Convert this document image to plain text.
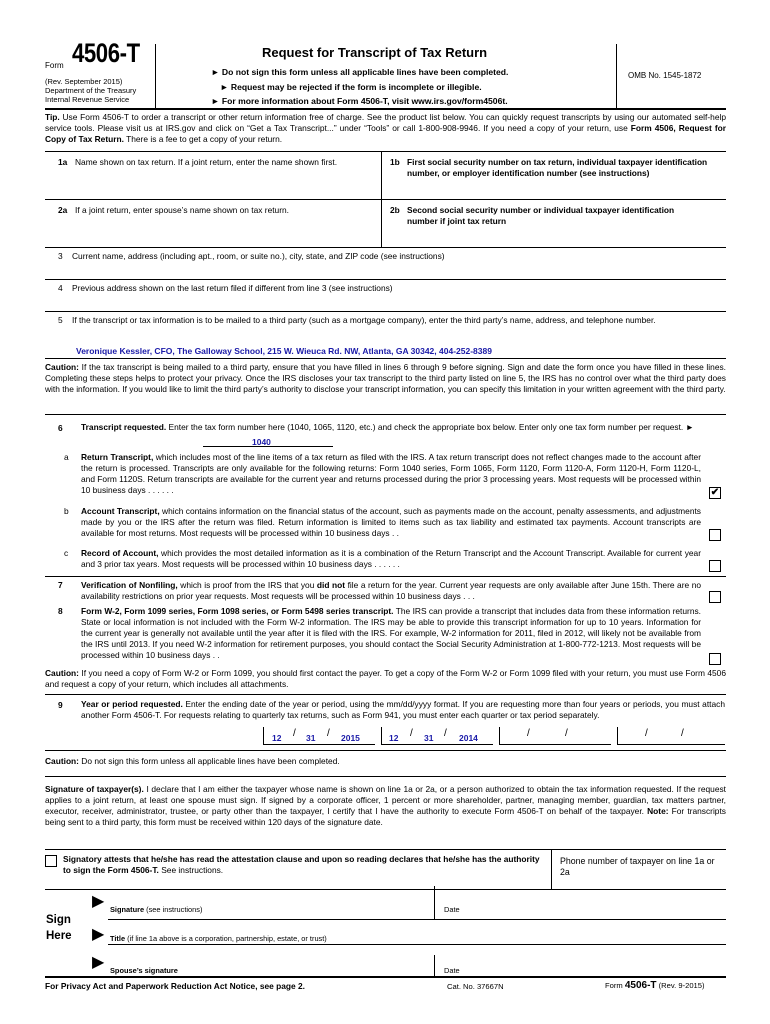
Form 4506-T
(Rev. September 2015)
Department of the Treasury
Internal Revenue Service
Request for Transcript of Tax Return
► Do not sign this form unless all applicable lines have been completed.
► Request may be rejected if the form is incomplete or illegible.
► For more information about Form 4506-T, visit www.irs.gov/form4506t.
OMB No. 1545-1872
Tip. Use Form 4506-T to order a transcript or other return information free of charge. See the product list below. You can quickly request transcripts by using our automated self-help service tools. Please visit us at IRS.gov and click on “Get a Tax Transcript...” under “Tools” or call 1-800-908-9946. If you need a copy of your return, use Form 4506, Request for Copy of Tax Return. There is a fee to get a copy of your return.
1a Name shown on tax return. If a joint return, enter the name shown first.	1b First social security number on tax return, individual taxpayer identification number, or employer identification number (see instructions)
2a If a joint return, enter spouse’s name shown on tax return.	2b Second social security number or individual taxpayer identification number if joint tax return
3 Current name, address (including apt., room, or suite no.), city, state, and ZIP code (see instructions)
4 Previous address shown on the last return filed if different from line 3 (see instructions)
5 If the transcript or tax information is to be mailed to a third party (such as a mortgage company), enter the third party’s name, address, and telephone number.
Veronique Kessler, CFO, The Galloway School, 215 W. Wieuca Rd. NW, Atlanta, GA 30342, 404-252-8389
Caution: If the tax transcript is being mailed to a third party, ensure that you have filled in lines 6 through 9 before signing. Sign and date the form once you have filled in these lines. Completing these steps helps to protect your privacy. Once the IRS discloses your tax transcript to the third party listed on line 5, the IRS has no control over what the third party does with the information. If you would like to limit the third party’s authority to disclose your transcript information, you can specify this limitation in your written agreement with the third party.
6 Transcript requested. Enter the tax form number here (1040, 1065, 1120, etc.) and check the appropriate box below. Enter only one tax form number per request. ►
1040
a Return Transcript, which includes most of the line items of a tax return as filed with the IRS. A tax return transcript does not reflect changes made to the account after the return is processed. Transcripts are only available for the following returns: Form 1040 series, Form 1065, Form 1120, Form 1120-A, Form 1120-H, Form 1120-L, and Form 1120S. Return transcripts are available for the current year and returns processed during the prior 3 processing years. Most requests will be processed within 10 business days . . . . . .	✔
b Account Transcript, which contains information on the financial status of the account, such as payments made on the account, penalty assessments, and adjustments made by you or the IRS after the return was filed. Return information is limited to items such as tax liability and estimated tax payments. Account transcripts are available for most returns. Most requests will be processed within 10 business days . .
c Record of Account, which provides the most detailed information as it is a combination of the Return Transcript and the Account Transcript. Available for current year and 3 prior tax years. Most requests will be processed within 10 business days . . . . . .
7 Verification of Nonfiling, which is proof from the IRS that you did not file a return for the year. Current year requests are only available after June 15th. There are no availability restrictions on prior year requests. Most requests will be processed within 10 business days . . .
8 Form W-2, Form 1099 series, Form 1098 series, or Form 5498 series transcript. The IRS can provide a transcript that includes data from these information returns. State or local information is not included with the Form W-2 information. The IRS may be able to provide this transcript information for up to 10 years. Information for the current year is generally not available until the year after it is filed with the IRS. For example, W-2 information for 2011, filed in 2012, will likely not be available from the IRS until 2013. If you need W-2 information for retirement purposes, you should contact the Social Security Administration at 1-800-772-1213. Most requests will be processed within 10 business days . .
Caution: If you need a copy of Form W-2 or Form 1099, you should first contact the payer. To get a copy of the Form W-2 or Form 1099 filed with your return, you must use Form 4506 and request a copy of your return, which includes all attachments.
9 Year or period requested. Enter the ending date of the year or period, using the mm/dd/yyyy format. If you are requesting more than four years or periods, you must attach another Form 4506-T. For requests relating to quarterly tax returns, such as Form 941, you must enter each quarter or tax period separately.
12 / 31 / 2015	12 / 31 / 2014	/	/	/	/
Caution: Do not sign this form unless all applicable lines have been completed.
Signature of taxpayer(s). I declare that I am either the taxpayer whose name is shown on line 1a or 2a, or a person authorized to obtain the tax information requested. If the request applies to a joint return, at least one spouse must sign. If signed by a corporate officer, 1 percent or more shareholder, partner, managing member, guardian, tax matters partner, executor, receiver, administrator, trustee, or party other than the taxpayer, I certify that I have the authority to execute Form 4506-T on behalf of the taxpayer. Note: For transcripts being sent to a third party, this form must be received within 120 days of the signature date.
Signatory attests that he/she has read the attestation clause and upon so reading declares that he/she has the authority to sign the Form 4506-T. See instructions.
Phone number of taxpayer on line 1a or 2a
Sign
Here
▶
▶
▶
Signature (see instructions)	Date
Title (if line 1a above is a corporation, partnership, estate, or trust)
Spouse’s signature	Date
For Privacy Act and Paperwork Reduction Act Notice, see page 2.	Cat. No. 37667N	Form 4506-T (Rev. 9-2015)
